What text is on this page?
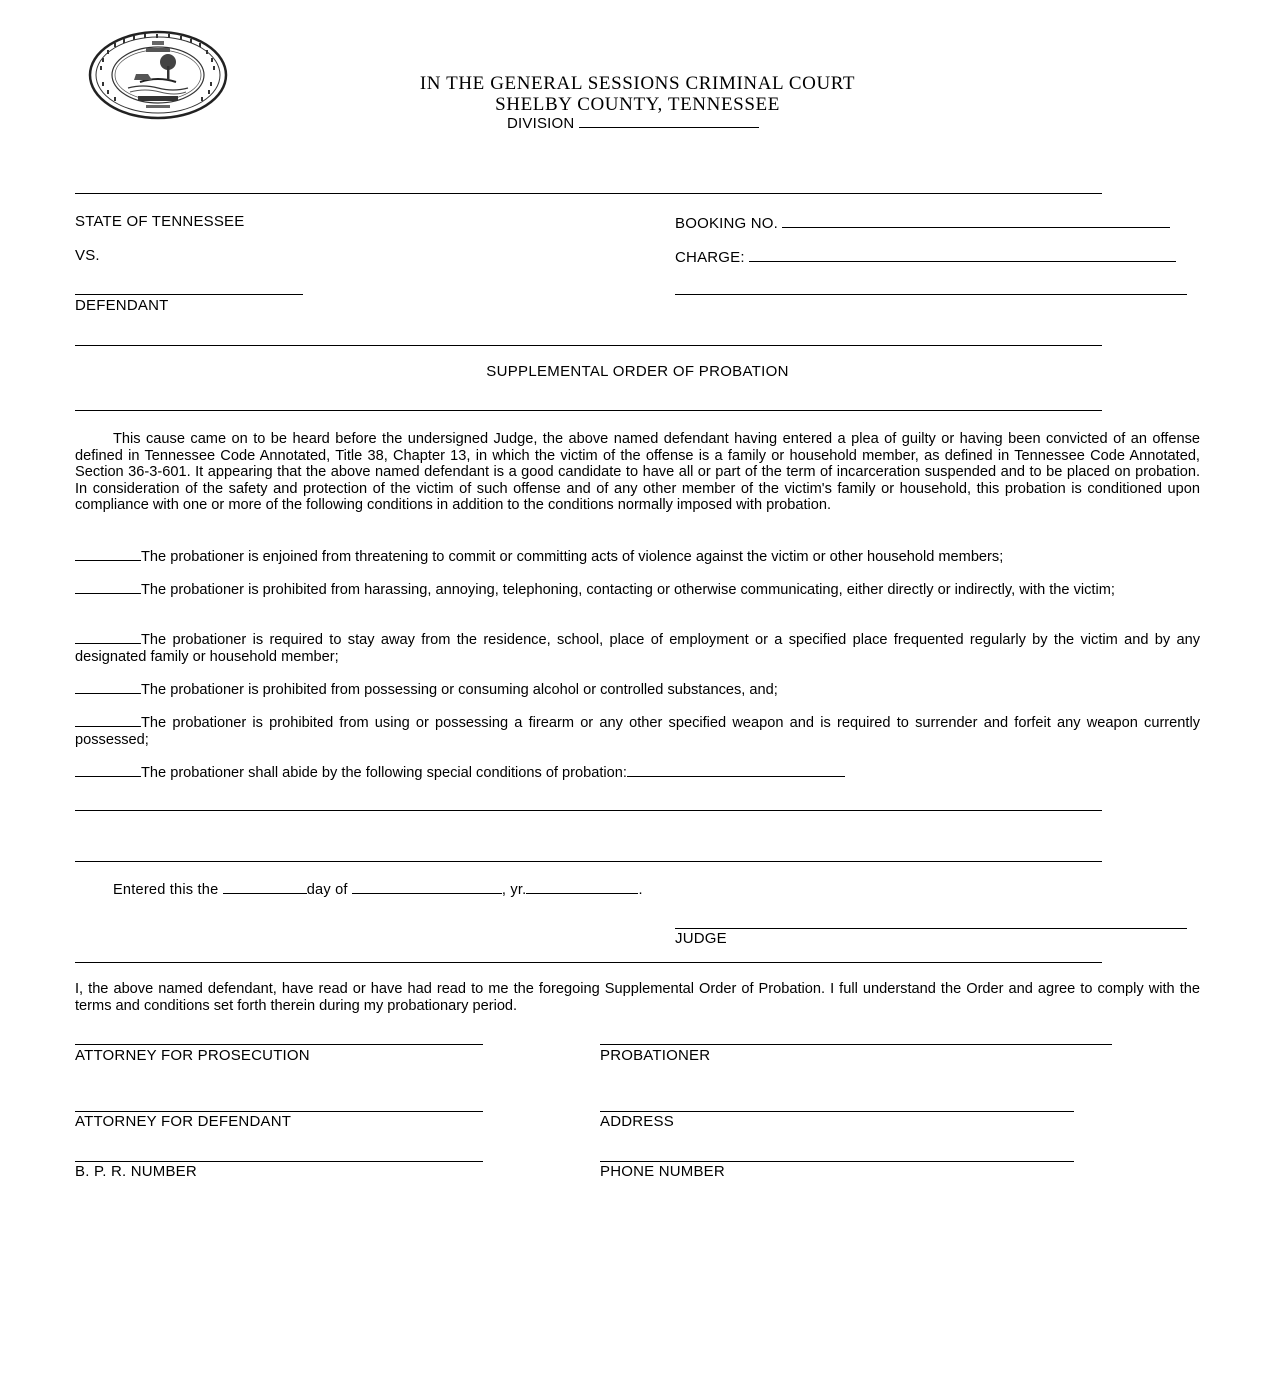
IN THE GENERAL SESSIONS CRIMINAL COURT
SHELBY COUNTY, TENNESSEE
DIVISION
STATE OF TENNESSEE
VS.
DEFENDANT
BOOKING NO.
CHARGE:
SUPPLEMENTAL ORDER OF PROBATION

This cause came on to be heard before the undersigned Judge, the above named defendant having entered a plea of guilty or having been convicted of an offense defined in Tennessee Code Annotated, Title 38, Chapter 13, in which the victim of the offense is a family or household member, as defined in Tennessee Code Annotated, Section 36-3-601. It appearing that the above named defendant is a good candidate to have all or part of the term of incarceration suspended and to be placed on probation. In consideration of the safety and protection of the victim of such offense and of any other member of the victim's family or household, this probation is conditioned upon compliance with one or more of the following conditions in addition to the conditions normally imposed with probation.

The probationer is enjoined from threatening to commit or committing acts of violence against the victim or other household members;
The probationer is prohibited from harassing, annoying, telephoning, contacting or otherwise communicating, either directly or indirectly, with the victim;
The probationer is required to stay away from the residence, school, place of employment or a specified place frequented regularly by the victim and by any designated family or household member;
The probationer is prohibited from possessing or consuming alcohol or controlled substances, and;
The probationer is prohibited from using or possessing a firearm or any other specified weapon and is required to surrender and forfeit any weapon currently possessed;
The probationer shall abide by the following special conditions of probation:
Entered this the	day of	, yr.	.
JUDGE

I, the above named defendant, have read or have had read to me the foregoing Supplemental Order of Probation. I full understand the Order and agree to comply with the terms and conditions set forth therein during my probationary period.

ATTORNEY FOR PROSECUTION	PROBATIONER
ATTORNEY FOR DEFENDANT	ADDRESS
B. P. R. NUMBER	PHONE NUMBER
